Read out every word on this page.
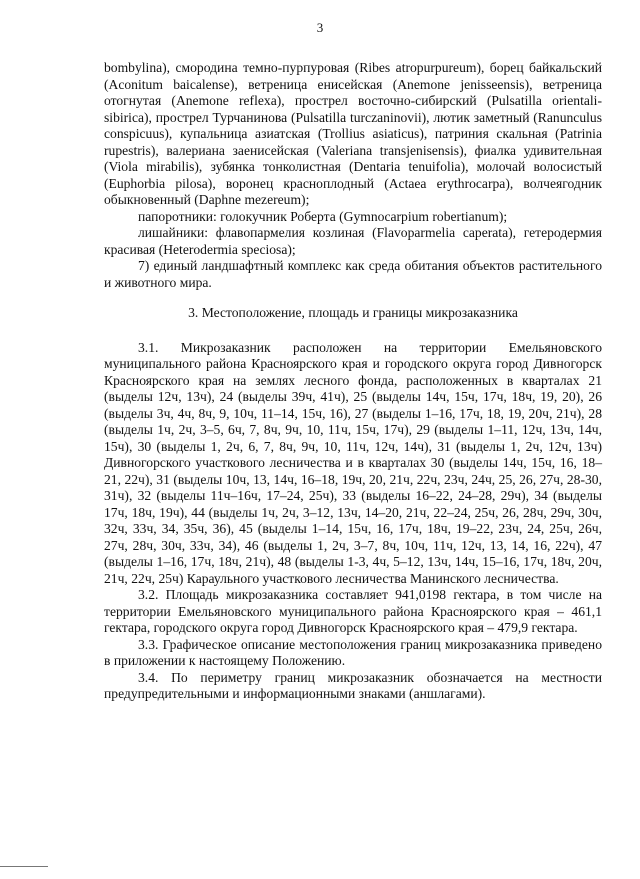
3

bombylina), смородина темно-пурпуровая (Ribes atropurpureum), борец байкальский (Aconitum baicalense), ветреница енисейская (Anemone jenisseensis), ветреница отогнутая (Anemone reflexa), прострел восточно-сибирский (Pulsatilla orientali-sibirica), прострел Турчанинова (Pulsatilla turczaninovii), лютик заметный (Ranunculus conspicuus), купальница азиатская (Trollius asiaticus), патриния скальная (Patrinia rupestris), валериана заенисейская (Valeriana transjenisensis), фиалка удивительная (Viola mirabilis), зубянка тонколистная (Dentaria tenuifolia), молочай волосистый (Euphorbia pilosa), воронец красноплодный (Actaea erythrocarpa), волчеягодник обыкновенный (Daphne mezereum);

папоротники: голокучник Роберта (Gymnocarpium robertianum);

лишайники: флавопармелия козлиная (Flavoparmelia caperata), гетеродермия красивая (Heterodermia speciosa);

7) единый ландшафтный комплекс как среда обитания объектов растительного и животного мира.

3. Местоположение, площадь и границы микрозаказника

3.1. Микрозаказник расположен на территории Емельяновского муниципального района Красноярского края и городского округа город Дивногорск Красноярского края на землях лесного фонда, расположенных в кварталах 21 (выделы 12ч, 13ч), 24 (выделы 39ч, 41ч), 25 (выделы 14ч, 15ч, 17ч, 18ч, 19, 20), 26 (выделы 3ч, 4ч, 8ч, 9, 10ч, 11–14, 15ч, 16), 27 (выделы 1–16, 17ч, 18, 19, 20ч, 21ч), 28 (выделы 1ч, 2ч, 3–5, 6ч, 7, 8ч, 9ч, 10, 11ч, 15ч, 17ч), 29 (выделы 1–11, 12ч, 13ч, 14ч, 15ч), 30 (выделы 1, 2ч, 6, 7, 8ч, 9ч, 10, 11ч, 12ч, 14ч), 31 (выделы 1, 2ч, 12ч, 13ч) Дивногорского участкового лесничества и в кварталах 30 (выделы 14ч, 15ч, 16, 18–21, 22ч), 31 (выделы 10ч, 13, 14ч, 16–18, 19ч, 20, 21ч, 22ч, 23ч, 24ч, 25, 26, 27ч, 28-30, 31ч), 32 (выделы 11ч–16ч, 17–24, 25ч), 33 (выделы 16–22, 24–28, 29ч), 34 (выделы 17ч, 18ч, 19ч), 44 (выделы 1ч, 2ч, 3–12, 13ч, 14–20, 21ч, 22–24, 25ч, 26, 28ч, 29ч, 30ч, 32ч, 33ч, 34, 35ч, 36), 45 (выделы 1–14, 15ч, 16, 17ч, 18ч, 19–22, 23ч, 24, 25ч, 26ч, 27ч, 28ч, 30ч, 33ч, 34), 46 (выделы 1, 2ч, 3–7, 8ч, 10ч, 11ч, 12ч, 13, 14, 16, 22ч), 47 (выделы 1–16, 17ч, 18ч, 21ч), 48 (выделы 1-3, 4ч, 5–12, 13ч, 14ч, 15–16, 17ч, 18ч, 20ч, 21ч, 22ч, 25ч) Караульного участкового лесничества Манинского лесничества.

3.2. Площадь микрозаказника составляет 941,0198 гектара, в том числе на территории Емельяновского муниципального района Красноярского края – 461,1 гектара, городского округа город Дивногорск Красноярского края – 479,9 гектара.

3.3. Графическое описание местоположения границ микрозаказника приведено в приложении к настоящему Положению.

3.4. По периметру границ микрозаказник обозначается на местности предупредительными и информационными знаками (аншлагами).
